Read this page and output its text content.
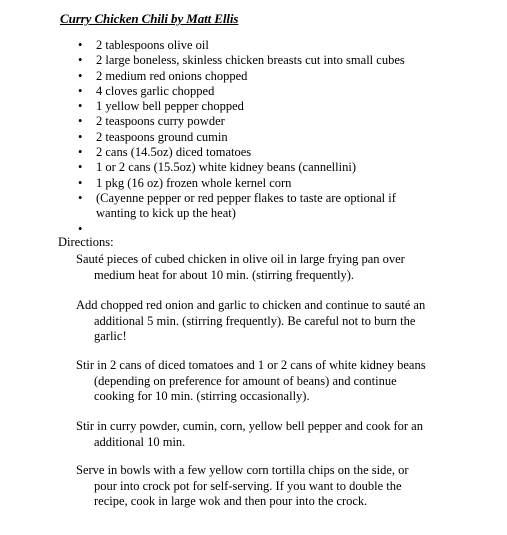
Curry Chicken Chili by Matt Ellis
• 2 tablespoons olive oil
• 2 large boneless, skinless chicken breasts cut into small cubes
• 2 medium red onions chopped
• 4 cloves garlic chopped
• 1 yellow bell pepper chopped
• 2 teaspoons curry powder
• 2 teaspoons ground cumin
• 2 cans (14.5oz) diced tomatoes
• 1 or 2 cans (15.5oz) white kidney beans (cannellini)
• 1 pkg (16 oz) frozen whole kernel corn
• (Cayenne pepper or red pepper flakes to taste are optional if
wanting to kick up the heat)
•

Directions:
Sauté pieces of cubed chicken in olive oil in large frying pan over
medium heat for about 10 min. (stirring frequently).
Add chopped red onion and garlic to chicken and continue to sauté an
additional 5 min. (stirring frequently). Be careful not to burn the
garlic!
Stir in 2 cans of diced tomatoes and 1 or 2 cans of white kidney beans
(depending on preference for amount of beans) and continue
cooking for 10 min. (stirring occasionally).
Stir in curry powder, cumin, corn, yellow bell pepper and cook for an
additional 10 min.
Serve in bowls with a few yellow corn tortilla chips on the side, or
pour into crock pot for self-serving. If you want to double the
recipe, cook in large wok and then pour into the crock.
